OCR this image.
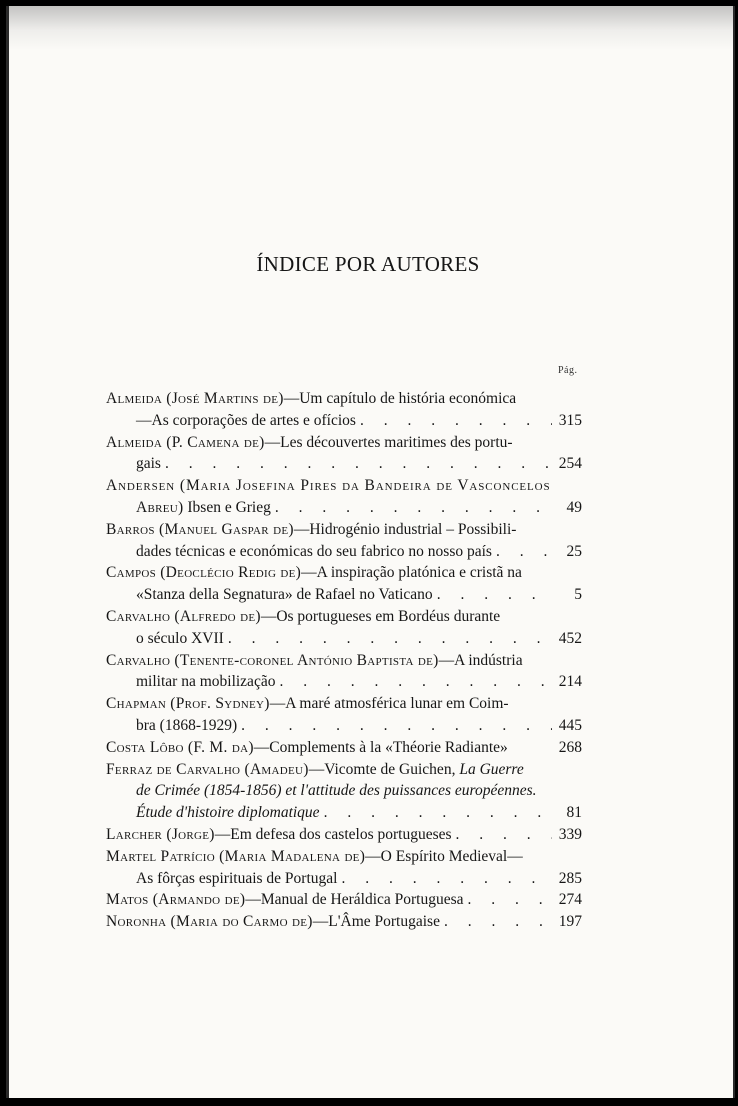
ÍNDICE POR AUTORES
Pág.
Almeida (José Martins de)—Um capítulo de história económica
—As corporações de artes e ofícios . . .	315
Almeida (P. Camena de)—Les découvertes maritimes des portu-
gais . . .	254
Andersen (Maria Josefina Pires da Bandeira de Vasconcelos
Abreu) Ibsen e Grieg . . .	49
Barros (Manuel Gaspar de)—Hidrogénio industrial – Possibili-
dades técnicas e económicas do seu fabrico no nosso país . . .	25
Campos (Deoclécio Redig de)—A inspiração platónica e cristã na
«Stanza della Segnatura» de Rafael no Vaticano . . .	5
Carvalho (Alfredo de)—Os portugueses em Bordéus durante
o século XVII . . .	452
Carvalho (Tenente-coronel António Baptista de)—A indústria
militar na mobilização . . .	214
Chapman (Prof. Sydney)—A maré atmosférica lunar em Coim-
bra (1868-1929) . . .	445
Costa Lôbo (F. M. da)—Complements à la «Théorie Radiante»	268
Ferraz de Carvalho (Amadeu)—Vicomte de Guichen, La Guerre
de Crimée (1854-1856) et l'attitude des puissances européennes.
Étude d'histoire diplomatique . . .	81
Larcher (Jorge)—Em defesa dos castelos portugueses . . .	339
Martel Patrício (Maria Madalena de)—O Espírito Medieval—
As fôrças espirituais de Portugal . . .	285
Matos (Armando de)—Manual de Heráldica Portuguesa . . .	274
Noronha (Maria do Carmo de)—L'Âme Portugaise . . .	197
